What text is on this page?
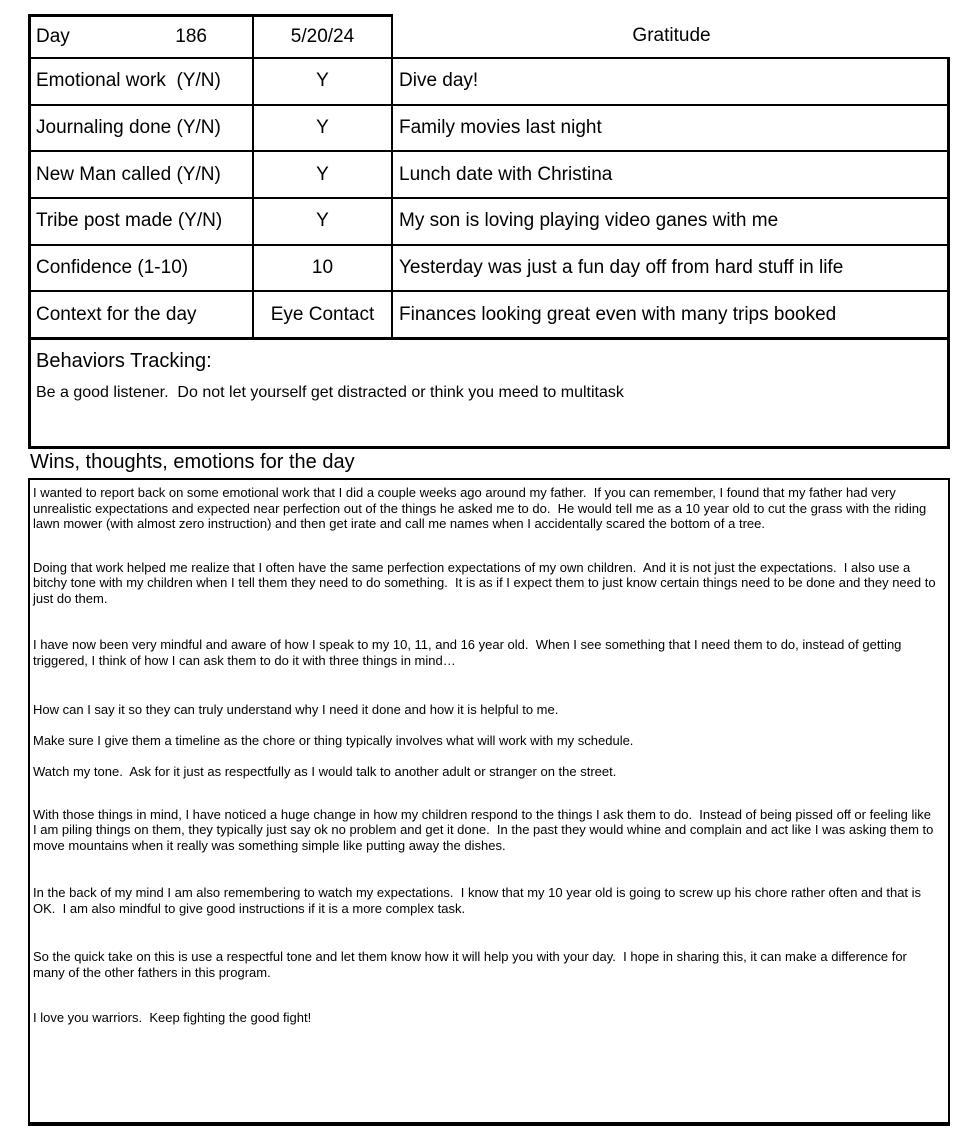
Day	186	5/20/24	Gratitude
Emotional work  (Y/N)	Y	Dive day!
Journaling done (Y/N)	Y	Family movies last night
New Man called (Y/N)	Y	Lunch date with Christina
Tribe post made (Y/N)	Y	My son is loving playing video ganes with me
Confidence (1-10)	10	Yesterday was just a fun day off from hard stuff in life
Context for the day	Eye Contact	Finances looking great even with many trips booked
Behaviors Tracking:
Be a good listener.  Do not let yourself get distracted or think you meed to multitask
Wins, thoughts, emotions for the day

I wanted to report back on some emotional work that I did a couple weeks ago around my father.  If you can remember, I found that my father had very unrealistic expectations and expected near perfection out of the things he asked me to do.  He would tell me as a 10 year old to cut the grass with the riding lawn mower (with almost zero instruction) and then get irate and call me names when I accidentally scared the bottom of a tree.

Doing that work helped me realize that I often have the same perfection expectations of my own children.  And it is not just the expectations.  I also use a bitchy tone with my children when I tell them they need to do something.  It is as if I expect them to just know certain things need to be done and they need to just do them.

I have now been very mindful and aware of how I speak to my 10, 11, and 16 year old.  When I see something that I need them to do, instead of getting triggered, I think of how I can ask them to do it with three things in mind…

How can I say it so they can truly understand why I need it done and how it is helpful to me.

Make sure I give them a timeline as the chore or thing typically involves what will work with my schedule.

Watch my tone.  Ask for it just as respectfully as I would talk to another adult or stranger on the street.

With those things in mind, I have noticed a huge change in how my children respond to the things I ask them to do.  Instead of being pissed off or feeling like I am piling things on them, they typically just say ok no problem and get it done.  In the past they would whine and complain and act like I was asking them to move mountains when it really was something simple like putting away the dishes.

In the back of my mind I am also remembering to watch my expectations.  I know that my 10 year old is going to screw up his chore rather often and that is OK.  I am also mindful to give good instructions if it is a more complex task.

So the quick take on this is use a respectful tone and let them know how it will help you with your day.  I hope in sharing this, it can make a difference for many of the other fathers in this program.

I love you warriors.  Keep fighting the good fight!
